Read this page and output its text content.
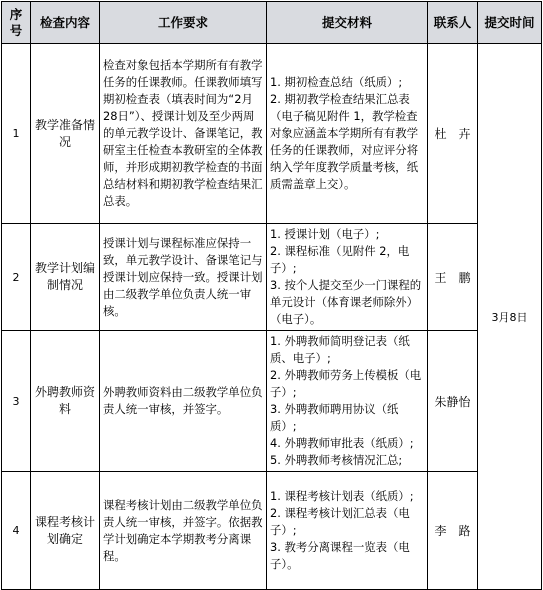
序号	检查内容	工作要求	提交材料	联系人	提交时间
1	教学准备情况	检查对象包括本学期所有有教学任务的任课教师。任课教师填写期初检查表（填表时间为“2月28日”）、授课计划及至少两周的单元教学设计、备课笔记，教研室主任检查本教研室的全体教师，并形成期初教学检查的书面总结材料和期初教学检查结果汇总表。	1. 期初检查总结（纸质）;
2. 期初教学检查结果汇总表（电子稿见附件 1，教学检查对象应涵盖本学期所有有教学任务的任课教师，对应评分将纳入学年度教学质量考核，纸质需盖章上交）。	杜　卉	3月8日
2	教学计划编制情况	授课计划与课程标准应保持一致，单元教学设计、备课笔记与授课计划应保持一致。授课计划由二级教学单位负责人统一审核。	1. 授课计划（电子）;
2. 课程标准（见附件 2，电子）;
3. 按个人提交至少一门课程的单元设计（体育课老师除外）（电子）。	王　鹏	
3	外聘教师资料	外聘教师资料由二级教学单位负责人统一审核，并签字。	1. 外聘教师简明登记表（纸质、电子）;
2. 外聘教师劳务上传模板（电子）;
3. 外聘教师聘用协议（纸质）;
4. 外聘教师审批表（纸质）;
5. 外聘教师考核情况汇总;	朱静怡	
4	课程考核计划确定	课程考核计划由二级教学单位负责人统一审核，并签字。依据教学计划确定本学期教考分离课程。	1. 课程考核计划表（纸质）;
2. 课程考核计划汇总表（电子）;
3. 教考分离课程一览表（电子）。	李　路	
